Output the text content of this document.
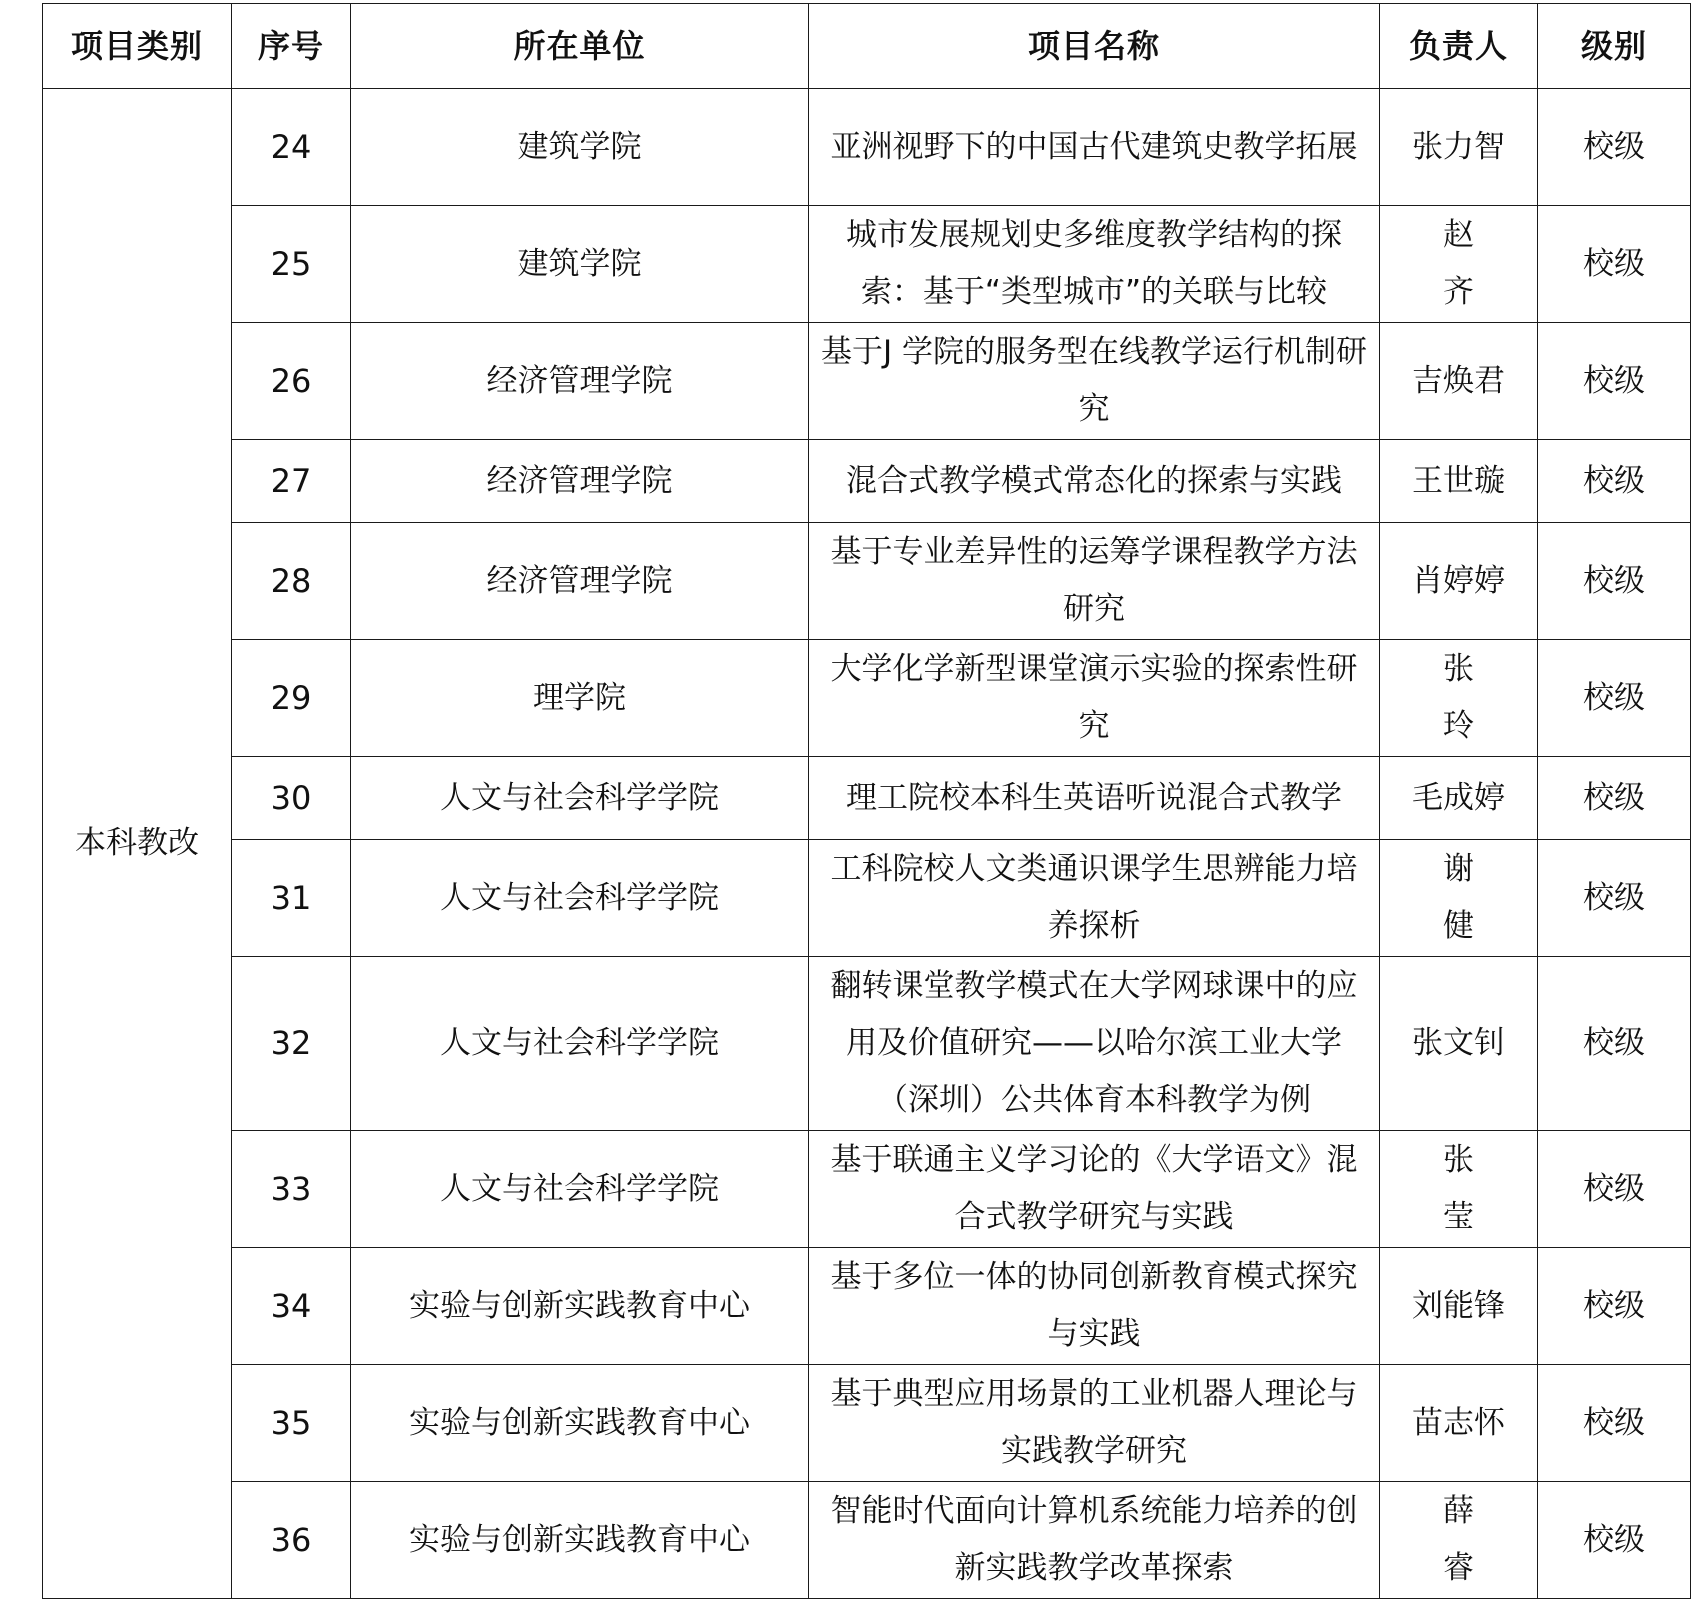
项目类别	序号	所在单位	项目名称	负责人	级别
本科教改	24	建筑学院	亚洲视野下的中国古代建筑史教学拓展	张力智	校级
	25	建筑学院	城市发展规划史多维度教学结构的探索：基于“类型城市”的关联与比较	赵齐	校级
	26	经济管理学院	基于J 学院的服务型在线教学运行机制研究	吉焕君	校级
	27	经济管理学院	混合式教学模式常态化的探索与实践	王世璇	校级
	28	经济管理学院	基于专业差异性的运筹学课程教学方法研究	肖婷婷	校级
	29	理学院	大学化学新型课堂演示实验的探索性研究	张玲	校级
	30	人文与社会科学学院	理工院校本科生英语听说混合式教学	毛成婷	校级
	31	人文与社会科学学院	工科院校人文类通识课学生思辨能力培养探析	谢健	校级
	32	人文与社会科学学院	翻转课堂教学模式在大学网球课中的应用及价值研究——以哈尔滨工业大学（深圳）公共体育本科教学为例	张文钊	校级
	33	人文与社会科学学院	基于联通主义学习论的《大学语文》混合式教学研究与实践	张莹	校级
	34	实验与创新实践教育中心	基于多位一体的协同创新教育模式探究与实践	刘能锋	校级
	35	实验与创新实践教育中心	基于典型应用场景的工业机器人理论与实践教学研究	苗志怀	校级
	36	实验与创新实践教育中心	智能时代面向计算机系统能力培养的创新实践教学改革探索	薛睿	校级
